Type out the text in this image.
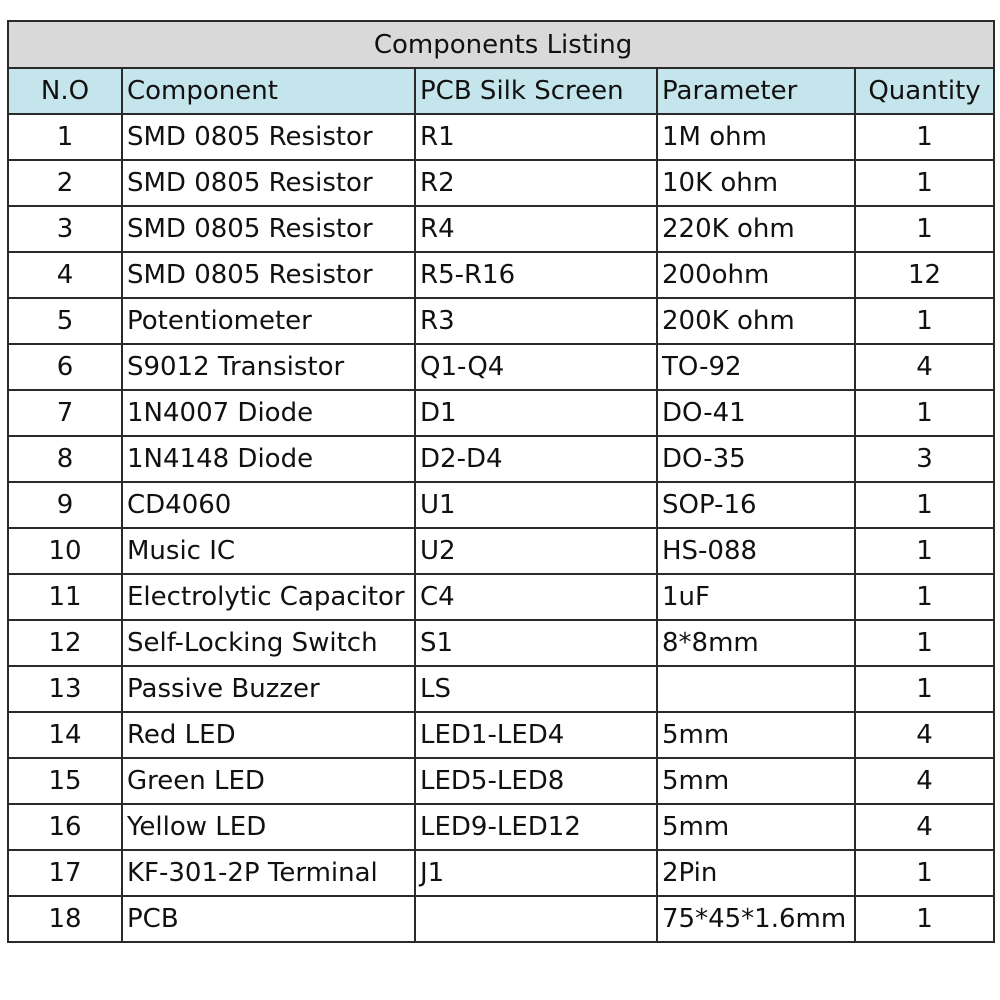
Components Listing				
N.O	Component	PCB Silk Screen	Parameter	Quantity
1	SMD 0805 Resistor	R1	1M ohm	1
2	SMD 0805 Resistor	R2	10K ohm	1
3	SMD 0805 Resistor	R4	220K ohm	1
4	SMD 0805 Resistor	R5-R16	200ohm	12
5	Potentiometer	R3	200K ohm	1
6	S9012 Transistor	Q1-Q4	TO-92	4
7	1N4007 Diode	D1	DO-41	1
8	1N4148 Diode	D2-D4	DO-35	3
9	CD4060	U1	SOP-16	1
10	Music IC	U2	HS-088	1
11	Electrolytic Capacitor	C4	1uF	1
12	Self-Locking Switch	S1	8*8mm	1
13	Passive Buzzer	LS		1
14	Red LED	LED1-LED4	5mm	4
15	Green LED	LED5-LED8	5mm	4
16	Yellow LED	LED9-LED12	5mm	4
17	KF-301-2P Terminal	J1	2Pin	1
18	PCB		75*45*1.6mm	1
